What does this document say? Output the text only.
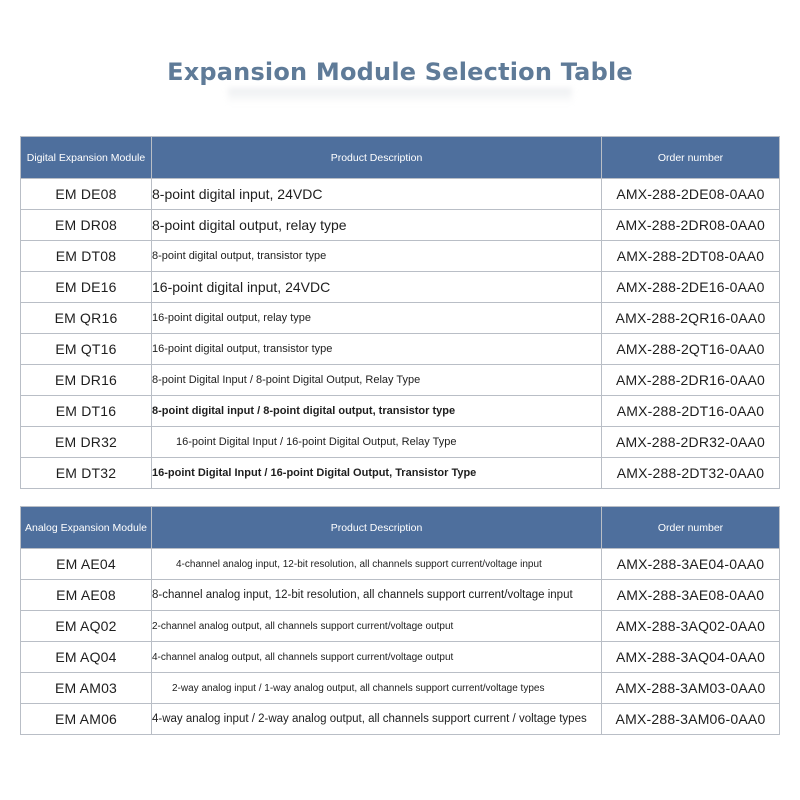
Expansion Module Selection Table
Digital Expansion Module	Product Description	Order number
EM DE08	8-point digital input, 24VDC	AMX-288-2DE08-0AA0
EM DR08	8-point digital output, relay type	AMX-288-2DR08-0AA0
EM DT08	8-point digital output, transistor type	AMX-288-2DT08-0AA0
EM DE16	16-point digital input, 24VDC	AMX-288-2DE16-0AA0
EM QR16	16-point digital output, relay type	AMX-288-2QR16-0AA0
EM QT16	16-point digital output, transistor type	AMX-288-2QT16-0AA0
EM DR16	8-point Digital Input / 8-point Digital Output, Relay Type	AMX-288-2DR16-0AA0
EM DT16	8-point digital input / 8-point digital output, transistor type	AMX-288-2DT16-0AA0
EM DR32	16-point Digital Input / 16-point Digital Output, Relay Type	AMX-288-2DR32-0AA0
EM DT32	16-point Digital Input / 16-point Digital Output, Transistor Type	AMX-288-2DT32-0AA0
Analog Expansion Module	Product Description	Order number
EM AE04	4-channel analog input, 12-bit resolution, all channels support current/voltage input	AMX-288-3AE04-0AA0
EM AE08	8-channel analog input, 12-bit resolution, all channels support current/voltage input	AMX-288-3AE08-0AA0
EM AQ02	2-channel analog output, all channels support current/voltage output	AMX-288-3AQ02-0AA0
EM AQ04	4-channel analog output, all channels support current/voltage output	AMX-288-3AQ04-0AA0
EM AM03	2-way analog input / 1-way analog output, all channels support current/voltage types	AMX-288-3AM03-0AA0
EM AM06	4-way analog input / 2-way analog output, all channels support current / voltage types	AMX-288-3AM06-0AA0
